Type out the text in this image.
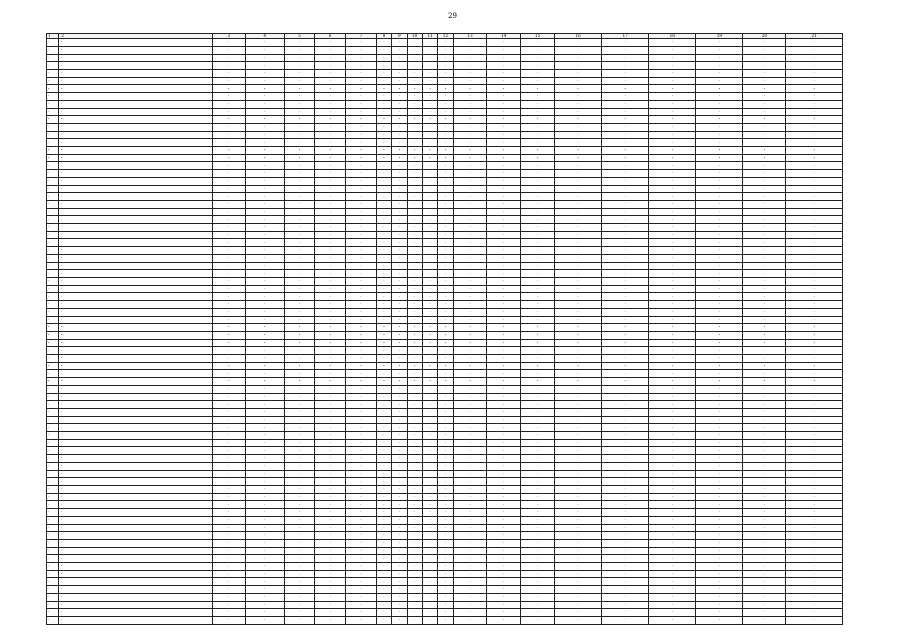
29
1	2	3	4	5	6	7	8	9	10	11	12	13	14	15	16	17	18	19	20	21
·	·	·	·	·	·	·	·	·	·	·	·	·	·	·	·	·	·	·	·	·
·	·	·	·	·	·	·	·	·	·	·	·	·	·	·	·	·	·	·	·	·
·	·	·	·	·	·	·	·	·	·	·	·	·	·	·	·	·	·	·	·	·
·	·	·	·	·	·	·	·	·	·	·	·	·	·	·	·	·	·	·	·	·
·	·	·	·	·	·	·	·	·	·	·	·	·	·	·	·	·	·	·	·	·
·	·	·	·	·	·	·	·	·	·	·	·	·	·	·	·	·	·	·	·	·
·	·	·	·	·	·	·	·	·	·	·	·	·	·	·	·	·	·	·	·	·
·	·	·	·	·	·	·	·	·	·	·	·	·	·	·	·	·	·	·	·	·
·	·	·	·	·	·	·	·	·	·	·	·	·	·	·	·	·	·	·	·	·
·	·	·	·	·	·	·	·	·	·	·	·	·	·	·	·	·	·	·	·	·
·	·	·	·	·	·	·	·	·	·	·	·	·	·	·	·	·	·	·	·	·
·	·	·	·	·	·	·	·	·	·	·	·	·	·	·	·	·	·	·	·	·
·	·	·	·	·	·	·	·	·	·	·	·	·	·	·	·	·	·	·	·	·
·	·	·	·	·	·	·	·	·	·	·	·	·	·	·	·	·	·	·	·	·
·	·	·	·	·	·	·	·	·	·	·	·	·	·	·	·	·	·	·	·	·
·	·	·	·	·	·	·	·	·	·	·	·	·	·	·	·	·	·	·	·	·
·	·	·	·	·	·	·	·	·	·	·	·	·	·	·	·	·	·	·	·	·
·	·	·	·	·	·	·	·	·	·	·	·	·	·	·	·	·	·	·	·	·
·	·	·	·	·	·	·	·	·	·	·	·	·	·	·	·	·	·	·	·	·
·	·	·	·	·	·	·	·	·	·	·	·	·	·	·	·	·	·	·	·	·
·	·	·	·	·	·	·	·	·	·	·	·	·	·	·	·	·	·	·	·	·
·	·	·	·	·	·	·	·	·	·	·	·	·	·	·	·	·	·	·	·	·
·	·	·	·	·	·	·	·	·	·	·	·	·	·	·	·	·	·	·	·	·
·	·	·	·	·	·	·	·	·	·	·	·	·	·	·	·	·	·	·	·	·
·	·	·	·	·	·	·	·	·	·	·	·	·	·	·	·	·	·	·	·	·
·	·	·	·	·	·	·	·	·	·	·	·	·	·	·	·	·	·	·	·	·
·	·	·	·	·	·	·	·	·	·	·	·	·	·	·	·	·	·	·	·	·
·	·	·	·	·	·	·	·	·	·	·	·	·	·	·	·	·	·	·	·	·
·	·	·	·	·	·	·	·	·	·	·	·	·	·	·	·	·	·	·	·	·
·	·	·	·	·	·	·	·	·	·	·	·	·	·	·	·	·	·	·	·	·
·	·	·	·	·	·	·	·	·	·	·	·	·	·	·	·	·	·	·	·	·
·	·	·	·	·	·	·	·	·	·	·	·	·	·	·	·	·	·	·	·	·
·	·	·	·	·	·	·	·	·	·	·	·	·	·	·	·	·	·	·	·	·
·	·	·	·	·	·	·	·	·	·	·	·	·	·	·	·	·	·	·	·	·
·	·	·	·	·	·	·	·	·	·	·	·	·	·	·	·	·	·	·	·	·
·	·	·	·	·	·	·	·	·	·	·	·	·	·	·	·	·	·	·	·	·
·	·	·	·	·	·	·	·	·	·	·	·	·	·	·	·	·	·	·	·	·
·	·	·	·	·	·	·	·	·	·	·	·	·	·	·	·	·	·	·	·	·
·	·	·	·	·	·	·	·	·	·	·	·	·	·	·	·	·	·	·	·	·
·	·	·	·	·	·	·	·	·	·	·	·	·	·	·	·	·	·	·	·	·
·	·	·	·	·	·	·	·	·	·	·	·	·	·	·	·	·	·	·	·	·
·	·	·	·	·	·	·	·	·	·	·	·	·	·	·	·	·	·	·	·	·
·	·	·	·	·	·	·	·	·	·	·	·	·	·	·	·	·	·	·	·	·
·	·	·	·	·	·	·	·	·	·	·	·	·	·	·	·	·	·	·	·	·
·	·	·	·	·	·	·	·	·	·	·	·	·	·	·	·	·	·	·	·	·
·	·	·	·	·	·	·	·	·	·	·	·	·	·	·	·	·	·	·	·	·
·	·	·	·	·	·	·	·	·	·	·	·	·	·	·	·	·	·	·	·	·
·	·	·	·	·	·	·	·	·	·	·	·	·	·	·	·	·	·	·	·	·
·	·	·	·	·	·	·	·	·	·	·	·	·	·	·	·	·	·	·	·	·
·	·	·	·	·	·	·	·	·	·	·	·	·	·	·	·	·	·	·	·	·
·	·	·	·	·	·	·	·	·	·	·	·	·	·	·	·	·	·	·	·	·
·	·	·	·	·	·	·	·	·	·	·	·	·	·	·	·	·	·	·	·	·
·	·	·	·	·	·	·	·	·	·	·	·	·	·	·	·	·	·	·	·	·
·	·	·	·	·	·	·	·	·	·	·	·	·	·	·	·	·	·	·	·	·
·	·	·	·	·	·	·	·	·	·	·	·	·	·	·	·	·	·	·	·	·
·	·	·	·	·	·	·	·	·	·	·	·	·	·	·	·	·	·	·	·	·
·	·	·	·	·	·	·	·	·	·	·	·	·	·	·	·	·	·	·	·	·
·	·	·	·	·	·	·	·	·	·	·	·	·	·	·	·	·	·	·	·	·
·	·	·	·	·	·	·	·	·	·	·	·	·	·	·	·	·	·	·	·	·
·	·	·	·	·	·	·	·	·	·	·	·	·	·	·	·	·	·	·	·	·
·	·	·	·	·	·	·	·	·	·	·	·	·	·	·	·	·	·	·	·	·
·	·	·	·	·	·	·	·	·	·	·	·	·	·	·	·	·	·	·	·	·
·	·	·	·	·	·	·	·	·	·	·	·	·	·	·	·	·	·	·	·	·
·	·	·	·	·	·	·	·	·	·	·	·	·	·	·	·	·	·	·	·	·
·	·	·	·	·	·	·	·	·	·	·	·	·	·	·	·	·	·	·	·	·
·	·	·	·	·	·	·	·	·	·	·	·	·	·	·	·	·	·	·	·	·
·	·	·	·	·	·	·	·	·	·	·	·	·	·	·	·	·	·	·	·	·
·	·	·	·	·	·	·	·	·	·	·	·	·	·	·	·	·	·	·	·	·
·	·	·	·	·	·	·	·	·	·	·	·	·	·	·	·	·	·	·	·	·
·	·	·	·	·	·	·	·	·	·	·	·	·	·	·	·	·	·	·	·	·
·	·	·	·	·	·	·	·	·	·	·	·	·	·	·	·	·	·	·	·	·
·	·	·	·	·	·	·	·	·	·	·	·	·	·	·	·	·	·	·	·	·
·	·	·	·	·	·	·	·	·	·	·	·	·	·	·	·	·	·	·	·	·
·	·	·	·	·	·	·	·	·	·	·	·	·	·	·	·	·	·	·	·	·
·	·	·	·	·	·	·	·	·	·	·	·	·	·	·	·	·	·	·	·	·
·	·	·	·	·	·	·	·	·	·	·	·	·	·	·	·	·	·	·	·	·
